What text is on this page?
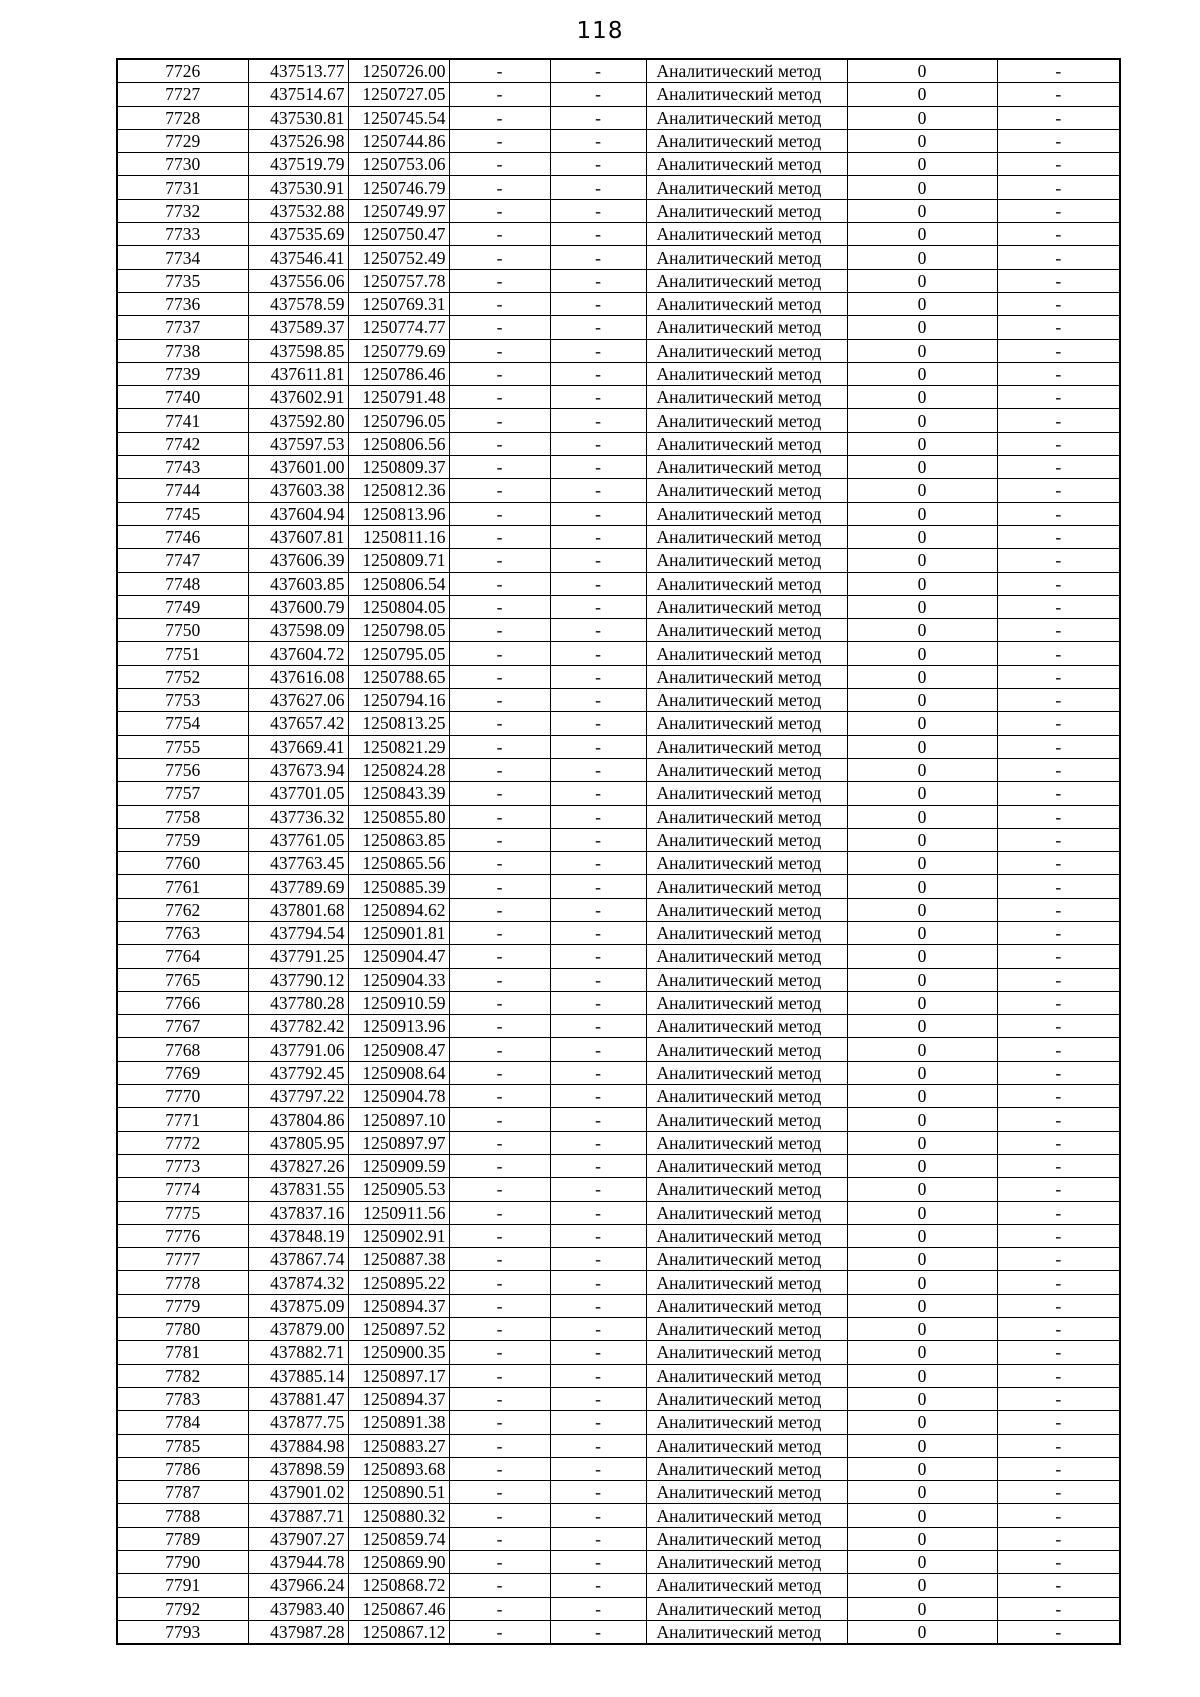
118
7726	437513.77	1250726.00	-	-	Аналитический метод	0	-
7727	437514.67	1250727.05	-	-	Аналитический метод	0	-
7728	437530.81	1250745.54	-	-	Аналитический метод	0	-
7729	437526.98	1250744.86	-	-	Аналитический метод	0	-
7730	437519.79	1250753.06	-	-	Аналитический метод	0	-
7731	437530.91	1250746.79	-	-	Аналитический метод	0	-
7732	437532.88	1250749.97	-	-	Аналитический метод	0	-
7733	437535.69	1250750.47	-	-	Аналитический метод	0	-
7734	437546.41	1250752.49	-	-	Аналитический метод	0	-
7735	437556.06	1250757.78	-	-	Аналитический метод	0	-
7736	437578.59	1250769.31	-	-	Аналитический метод	0	-
7737	437589.37	1250774.77	-	-	Аналитический метод	0	-
7738	437598.85	1250779.69	-	-	Аналитический метод	0	-
7739	437611.81	1250786.46	-	-	Аналитический метод	0	-
7740	437602.91	1250791.48	-	-	Аналитический метод	0	-
7741	437592.80	1250796.05	-	-	Аналитический метод	0	-
7742	437597.53	1250806.56	-	-	Аналитический метод	0	-
7743	437601.00	1250809.37	-	-	Аналитический метод	0	-
7744	437603.38	1250812.36	-	-	Аналитический метод	0	-
7745	437604.94	1250813.96	-	-	Аналитический метод	0	-
7746	437607.81	1250811.16	-	-	Аналитический метод	0	-
7747	437606.39	1250809.71	-	-	Аналитический метод	0	-
7748	437603.85	1250806.54	-	-	Аналитический метод	0	-
7749	437600.79	1250804.05	-	-	Аналитический метод	0	-
7750	437598.09	1250798.05	-	-	Аналитический метод	0	-
7751	437604.72	1250795.05	-	-	Аналитический метод	0	-
7752	437616.08	1250788.65	-	-	Аналитический метод	0	-
7753	437627.06	1250794.16	-	-	Аналитический метод	0	-
7754	437657.42	1250813.25	-	-	Аналитический метод	0	-
7755	437669.41	1250821.29	-	-	Аналитический метод	0	-
7756	437673.94	1250824.28	-	-	Аналитический метод	0	-
7757	437701.05	1250843.39	-	-	Аналитический метод	0	-
7758	437736.32	1250855.80	-	-	Аналитический метод	0	-
7759	437761.05	1250863.85	-	-	Аналитический метод	0	-
7760	437763.45	1250865.56	-	-	Аналитический метод	0	-
7761	437789.69	1250885.39	-	-	Аналитический метод	0	-
7762	437801.68	1250894.62	-	-	Аналитический метод	0	-
7763	437794.54	1250901.81	-	-	Аналитический метод	0	-
7764	437791.25	1250904.47	-	-	Аналитический метод	0	-
7765	437790.12	1250904.33	-	-	Аналитический метод	0	-
7766	437780.28	1250910.59	-	-	Аналитический метод	0	-
7767	437782.42	1250913.96	-	-	Аналитический метод	0	-
7768	437791.06	1250908.47	-	-	Аналитический метод	0	-
7769	437792.45	1250908.64	-	-	Аналитический метод	0	-
7770	437797.22	1250904.78	-	-	Аналитический метод	0	-
7771	437804.86	1250897.10	-	-	Аналитический метод	0	-
7772	437805.95	1250897.97	-	-	Аналитический метод	0	-
7773	437827.26	1250909.59	-	-	Аналитический метод	0	-
7774	437831.55	1250905.53	-	-	Аналитический метод	0	-
7775	437837.16	1250911.56	-	-	Аналитический метод	0	-
7776	437848.19	1250902.91	-	-	Аналитический метод	0	-
7777	437867.74	1250887.38	-	-	Аналитический метод	0	-
7778	437874.32	1250895.22	-	-	Аналитический метод	0	-
7779	437875.09	1250894.37	-	-	Аналитический метод	0	-
7780	437879.00	1250897.52	-	-	Аналитический метод	0	-
7781	437882.71	1250900.35	-	-	Аналитический метод	0	-
7782	437885.14	1250897.17	-	-	Аналитический метод	0	-
7783	437881.47	1250894.37	-	-	Аналитический метод	0	-
7784	437877.75	1250891.38	-	-	Аналитический метод	0	-
7785	437884.98	1250883.27	-	-	Аналитический метод	0	-
7786	437898.59	1250893.68	-	-	Аналитический метод	0	-
7787	437901.02	1250890.51	-	-	Аналитический метод	0	-
7788	437887.71	1250880.32	-	-	Аналитический метод	0	-
7789	437907.27	1250859.74	-	-	Аналитический метод	0	-
7790	437944.78	1250869.90	-	-	Аналитический метод	0	-
7791	437966.24	1250868.72	-	-	Аналитический метод	0	-
7792	437983.40	1250867.46	-	-	Аналитический метод	0	-
7793	437987.28	1250867.12	-	-	Аналитический метод	0	-
